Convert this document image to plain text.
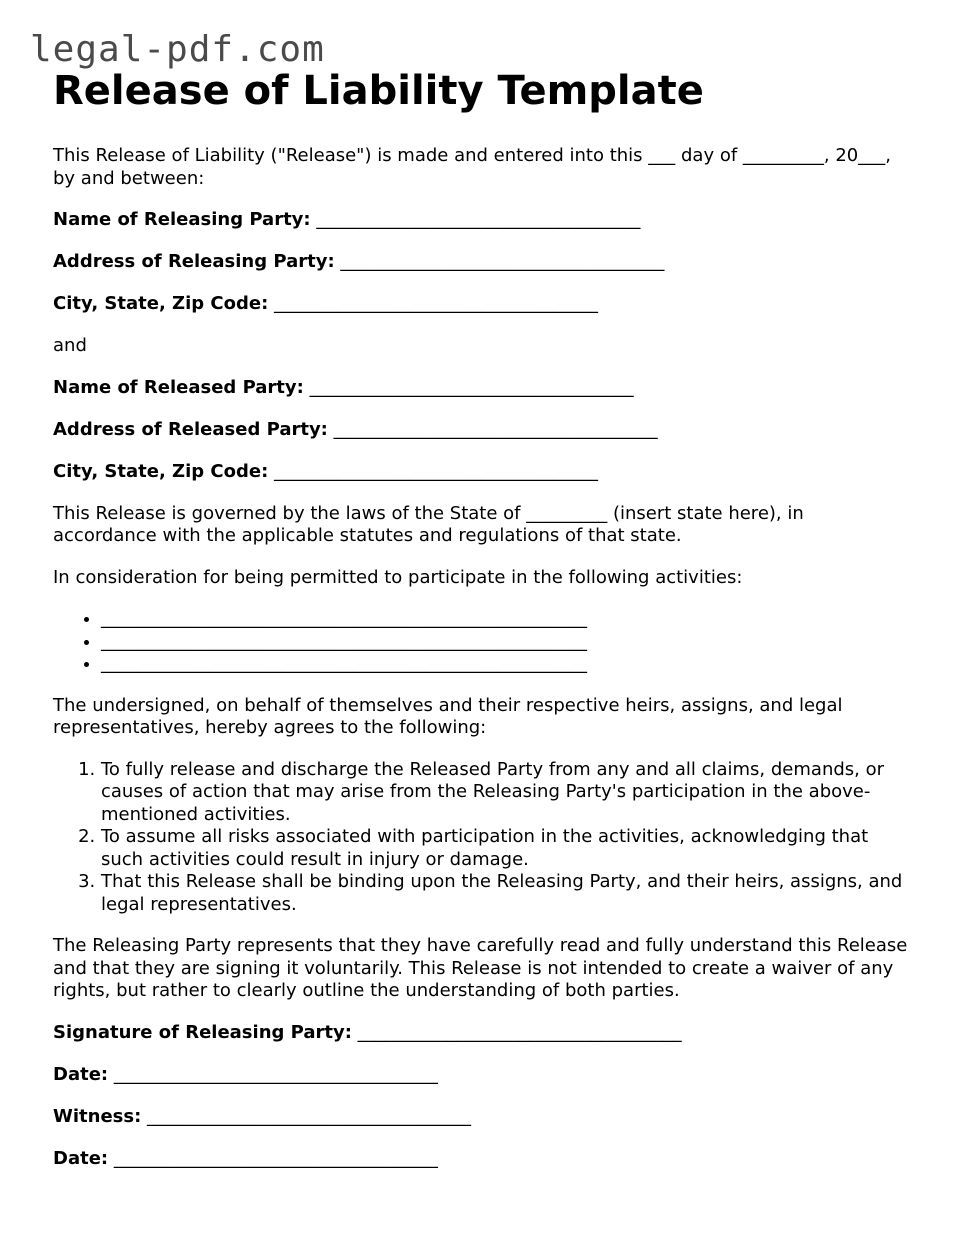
legal-pdf.com
Release of Liability Template

This Release of Liability ("Release") is made and entered into this ___ day of _________, 20___, by and between:

Name of Releasing Party: ____________________________________
Address of Releasing Party: ____________________________________
City, State, Zip Code: ____________________________________

and

Name of Released Party: ____________________________________
Address of Released Party: ____________________________________
City, State, Zip Code: ____________________________________

This Release is governed by the laws of the State of _________ (insert state here), in accordance with the applicable statutes and regulations of that state.

In consideration for being permitted to participate in the following activities:

• ______________________________________________________
• ______________________________________________________
• ______________________________________________________

The undersigned, on behalf of themselves and their respective heirs, assigns, and legal representatives, hereby agrees to the following:

1. To fully release and discharge the Released Party from any and all claims, demands, or causes of action that may arise from the Releasing Party's participation in the above-mentioned activities.
2. To assume all risks associated with participation in the activities, acknowledging that such activities could result in injury or damage.
3. That this Release shall be binding upon the Releasing Party, and their heirs, assigns, and legal representatives.

The Releasing Party represents that they have carefully read and fully understand this Release and that they are signing it voluntarily. This Release is not intended to create a waiver of any rights, but rather to clearly outline the understanding of both parties.

Signature of Releasing Party: ____________________________________
Date: ____________________________________
Witness: ____________________________________
Date: ____________________________________
